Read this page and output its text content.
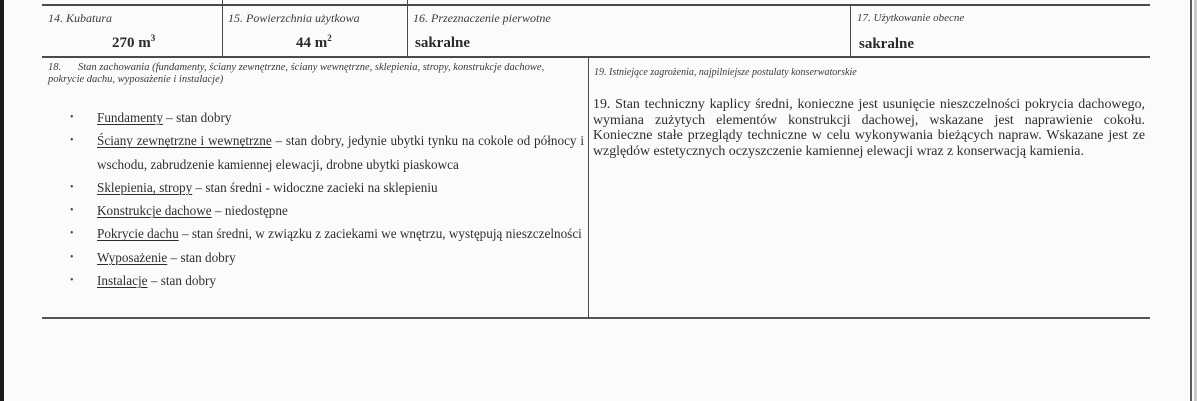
14. Kubatura
270 $m^3$
15. Powierzchnia użytkowa
44 $m^2$
16. Przeznaczenie pierwotne
sakralne
17. Użytkowanie obecne
sakralne
18. Stan zachowania (fundamenty, ściany zewnętrzne, ściany wewnętrzne, sklepienia, stropy, konstrukcje dachowe, pokrycie dachu, wyposażenie i instalacje)
• Fundamenty – stan dobry
• Ściany zewnętrzne i wewnętrzne – stan dobry, jedynie ubytki tynku na cokole od północy i wschodu, zabrudzenie kamiennej elewacji, drobne ubytki piaskowca
• Sklepienia, stropy – stan średni - widoczne zacieki na sklepieniu
• Konstrukcje dachowe – niedostępne
• Pokrycie dachu – stan średni, w związku z zaciekami we wnętrzu, występują nieszczelności
• Wyposażenie – stan dobry
• Instalacje – stan dobry
19. Istniejące zagrożenia, najpilniejsze postulaty konserwatorskie
19. Stan techniczny kaplicy średni, konieczne jest usunięcie nieszczelności pokrycia dachowego, wymiana zużytych elementów konstrukcji dachowej, wskazane jest naprawienie cokołu. Konieczne stałe przeglądy techniczne w celu wykonywania bieżących napraw. Wskazane jest ze względów estetycznych oczyszczenie kamiennej elewacji wraz z konserwacją kamienia.
